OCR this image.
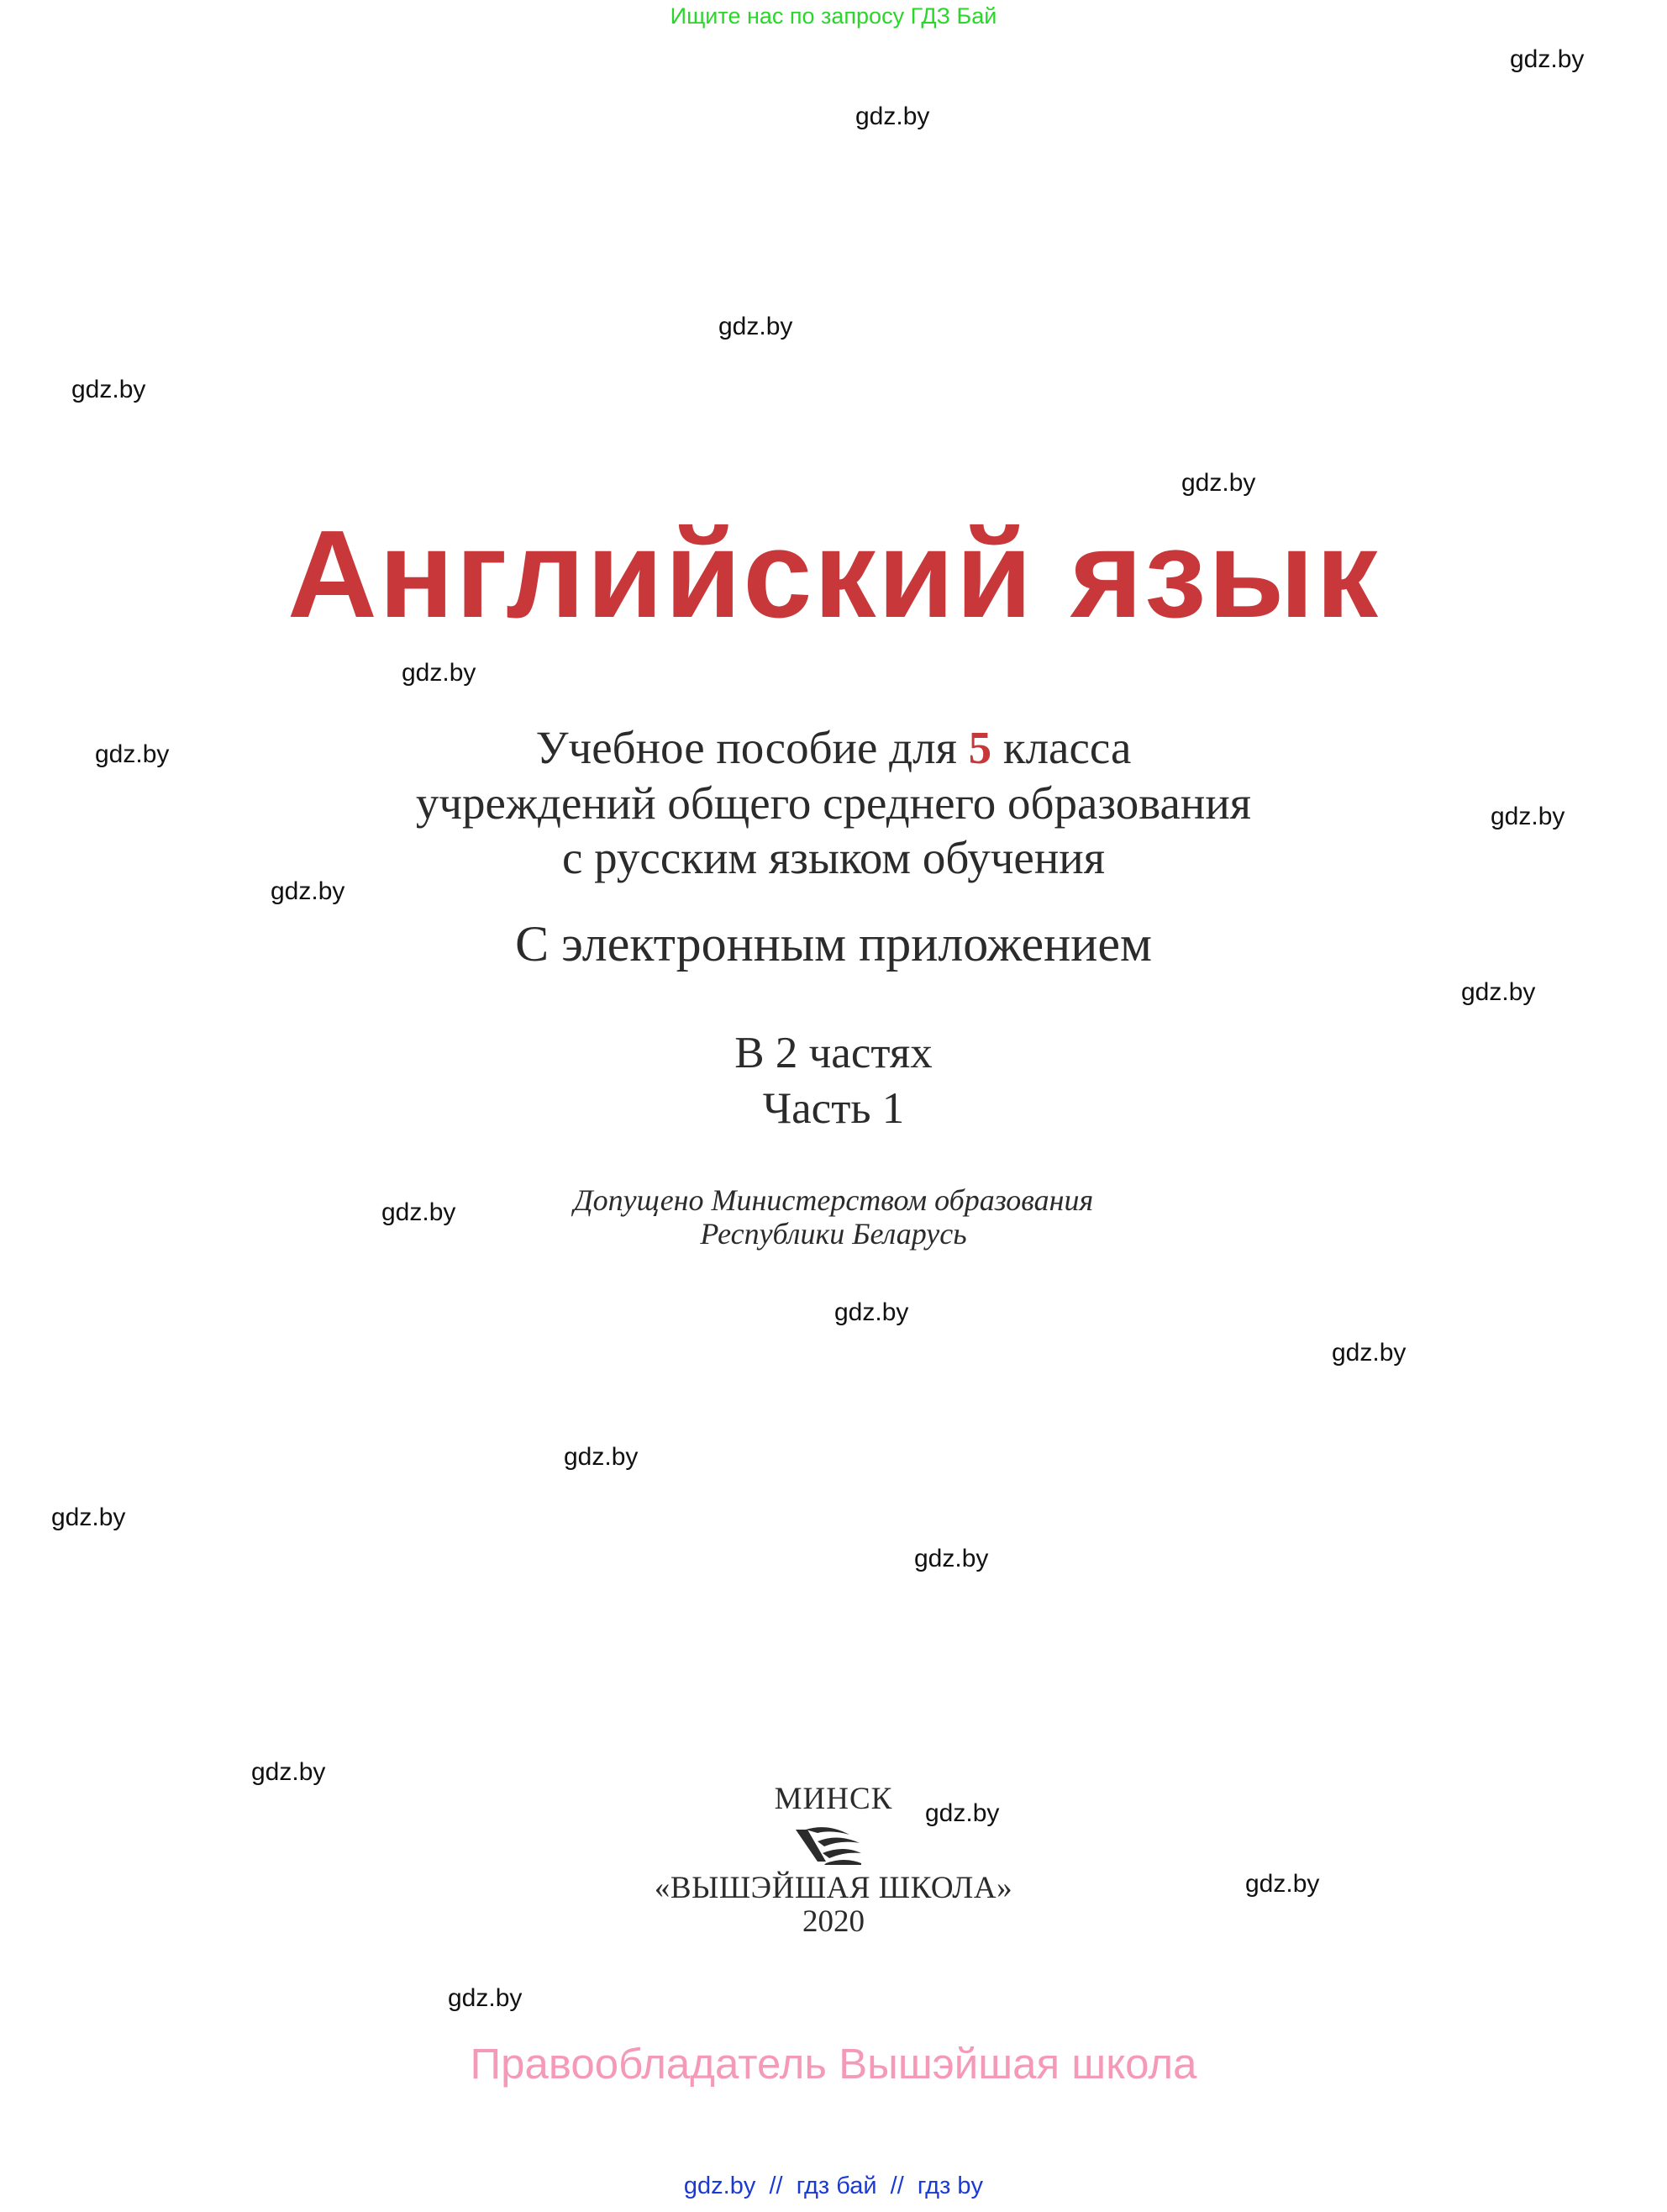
Ищите нас по запросу ГДЗ Бай
Английский язык
Учебное пособие для 5 класса
учреждений общего среднего образования
с русским языком обучения
С электронным приложением
В 2 частях
Часть 1
Допущено Министерством образования
Республики Беларусь
МИНСК
«ВЫШЭЙШАЯ ШКОЛА»
2020
Правообладатель Вышэйшая школа
gdz.by  //  гдз бай  //  гдз by
gdz.by
gdz.by
gdz.by
gdz.by
gdz.by
gdz.by
gdz.by
gdz.by
gdz.by
gdz.by
gdz.by
gdz.by
gdz.by
gdz.by
gdz.by
gdz.by
gdz.by
gdz.by
gdz.by
gdz.by
